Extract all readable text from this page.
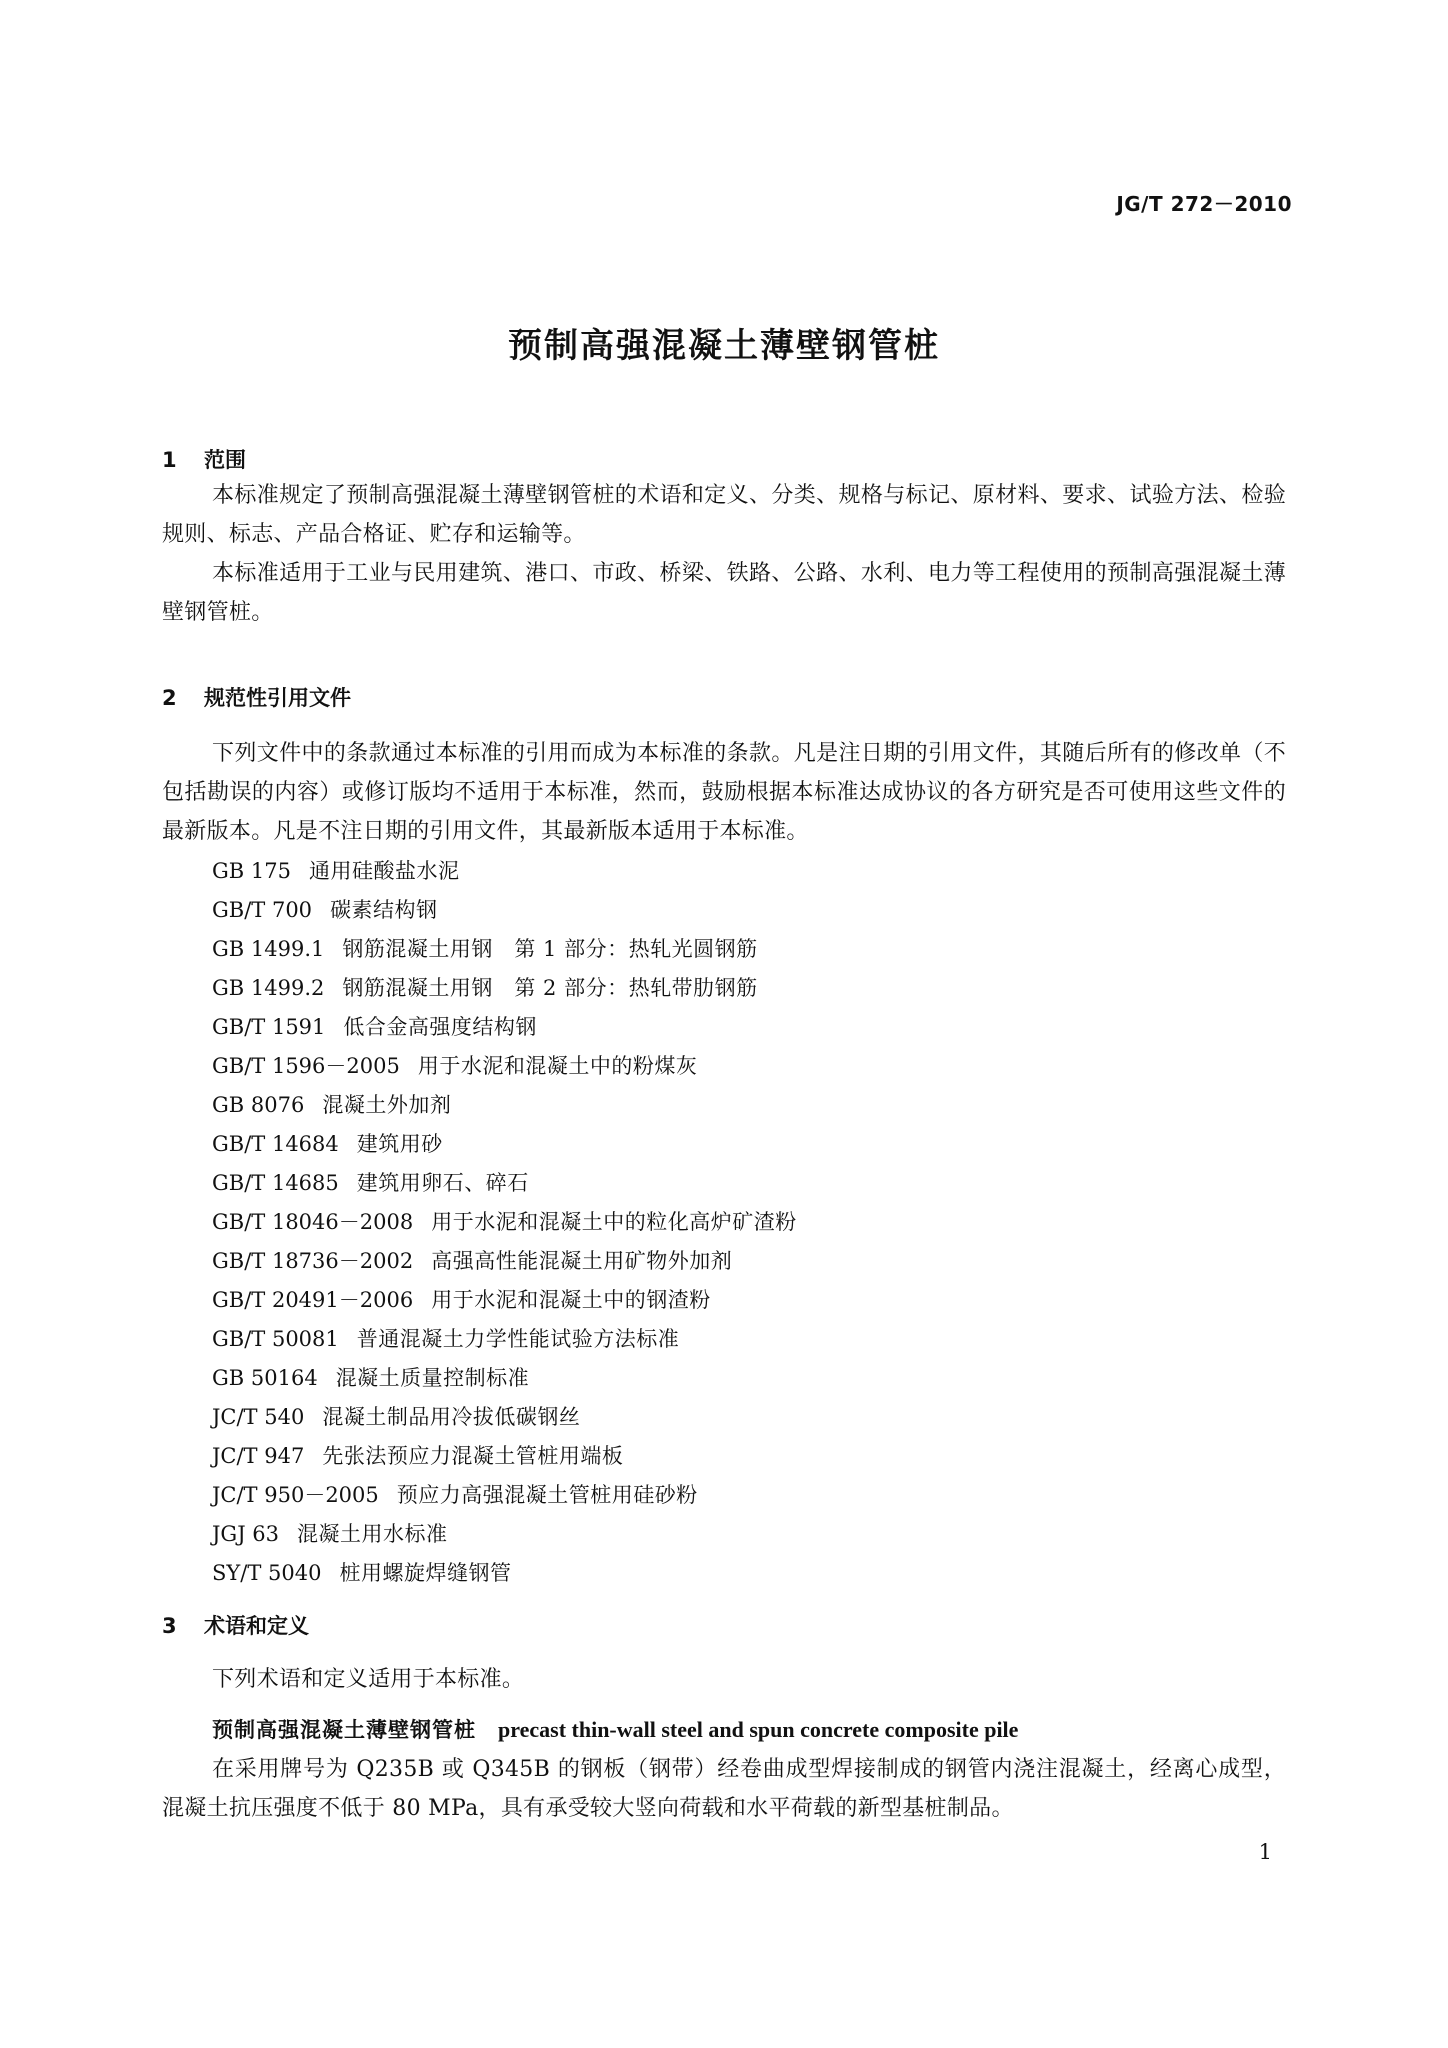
JG/T 272－2010
预制高强混凝土薄壁钢管桩
1 范围
本标准规定了预制高强混凝土薄壁钢管桩的术语和定义、分类、规格与标记、原材料、要求、试验方法、检验规则、标志、产品合格证、贮存和运输等。
本标准适用于工业与民用建筑、港口、市政、桥梁、铁路、公路、水利、电力等工程使用的预制高强混凝土薄壁钢管桩。
2 规范性引用文件
下列文件中的条款通过本标准的引用而成为本标准的条款。凡是注日期的引用文件，其随后所有的修改单（不包括勘误的内容）或修订版均不适用于本标准，然而，鼓励根据本标准达成协议的各方研究是否可使用这些文件的最新版本。凡是不注日期的引用文件，其最新版本适用于本标准。
GB 175 通用硅酸盐水泥
GB/T 700 碳素结构钢
GB 1499.1 钢筋混凝土用钢　第 1 部分：热轧光圆钢筋
GB 1499.2 钢筋混凝土用钢　第 2 部分：热轧带肋钢筋
GB/T 1591 低合金高强度结构钢
GB/T 1596－2005 用于水泥和混凝土中的粉煤灰
GB 8076 混凝土外加剂
GB/T 14684 建筑用砂
GB/T 14685 建筑用卵石、碎石
GB/T 18046－2008 用于水泥和混凝土中的粒化高炉矿渣粉
GB/T 18736－2002 高强高性能混凝土用矿物外加剂
GB/T 20491－2006 用于水泥和混凝土中的钢渣粉
GB/T 50081 普通混凝土力学性能试验方法标准
GB 50164 混凝土质量控制标准
JC/T 540 混凝土制品用冷拔低碳钢丝
JC/T 947 先张法预应力混凝土管桩用端板
JC/T 950－2005 预应力高强混凝土管桩用硅砂粉
JGJ 63 混凝土用水标准
SY/T 5040 桩用螺旋焊缝钢管
3 术语和定义
下列术语和定义适用于本标准。
预制高强混凝土薄壁钢管桩 precast thin-wall steel and spun concrete composite pile
在采用牌号为 Q235B 或 Q345B 的钢板（钢带）经卷曲成型焊接制成的钢管内浇注混凝土，经离心成型，混凝土抗压强度不低于 80 MPa，具有承受较大竖向荷载和水平荷载的新型基桩制品。
1
